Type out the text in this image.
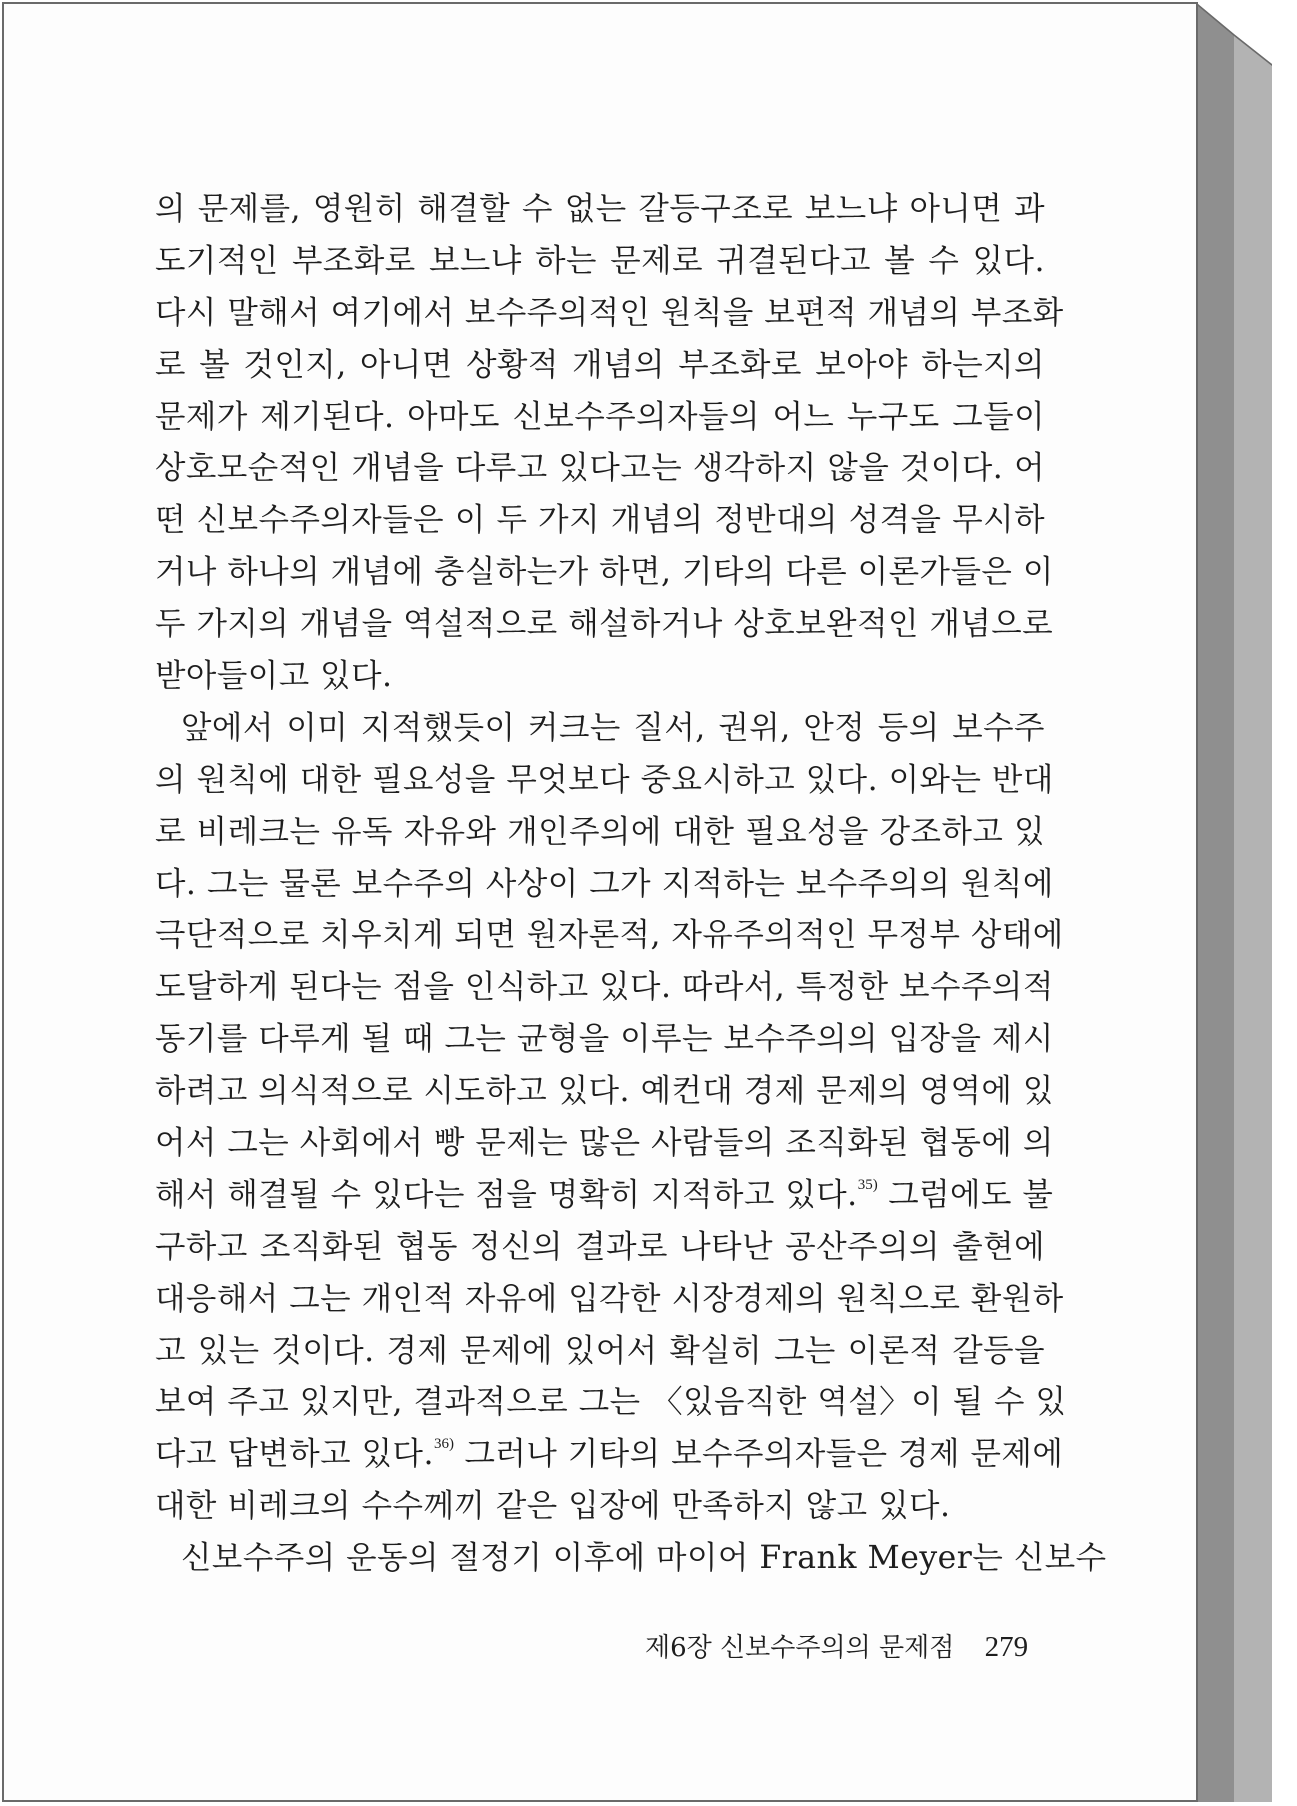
의 문제를, 영원히 해결할 수 없는 갈등구조로 보느냐 아니면 과
도기적인 부조화로 보느냐 하는 문제로 귀결된다고 볼 수 있다.
다시 말해서 여기에서 보수주의적인 원칙을 보편적 개념의 부조화
로 볼 것인지, 아니면 상황적 개념의 부조화로 보아야 하는지의
문제가 제기된다. 아마도 신보수주의자들의 어느 누구도 그들이
상호모순적인 개념을 다루고 있다고는 생각하지 않을 것이다. 어
떤 신보수주의자들은 이 두 가지 개념의 정반대의 성격을 무시하
거나 하나의 개념에 충실하는가 하면, 기타의 다른 이론가들은 이
두 가지의 개념을 역설적으로 해설하거나 상호보완적인 개념으로
받아들이고 있다.
앞에서 이미 지적했듯이 커크는 질서, 권위, 안정 등의 보수주
의 원칙에 대한 필요성을 무엇보다 중요시하고 있다. 이와는 반대
로 비레크는 유독 자유와 개인주의에 대한 필요성을 강조하고 있
다. 그는 물론 보수주의 사상이 그가 지적하는 보수주의의 원칙에
극단적으로 치우치게 되면 원자론적, 자유주의적인 무정부 상태에
도달하게 된다는 점을 인식하고 있다. 따라서, 특정한 보수주의적
동기를 다루게 될 때 그는 균형을 이루는 보수주의의 입장을 제시
하려고 의식적으로 시도하고 있다. 예컨대 경제 문제의 영역에 있
어서 그는 사회에서 빵 문제는 많은 사람들의 조직화된 협동에 의
해서 해결될 수 있다는 점을 명확히 지적하고 있다.$^{35)}$ 그럼에도 불
구하고 조직화된 협동 정신의 결과로 나타난 공산주의의 출현에
대응해서 그는 개인적 자유에 입각한 시장경제의 원칙으로 환원하
고 있는 것이다. 경제 문제에 있어서 확실히 그는 이론적 갈등을
보여 주고 있지만, 결과적으로 그는 〈있음직한 역설〉이 될 수 있
다고 답변하고 있다.$^{36)}$ 그러나 기타의 보수주의자들은 경제 문제에
대한 비레크의 수수께끼 같은 입장에 만족하지 않고 있다.
신보수주의 운동의 절정기 이후에 마이어 Frank Meyer는 신보수
제6장 신보수주의의 문제점 279
